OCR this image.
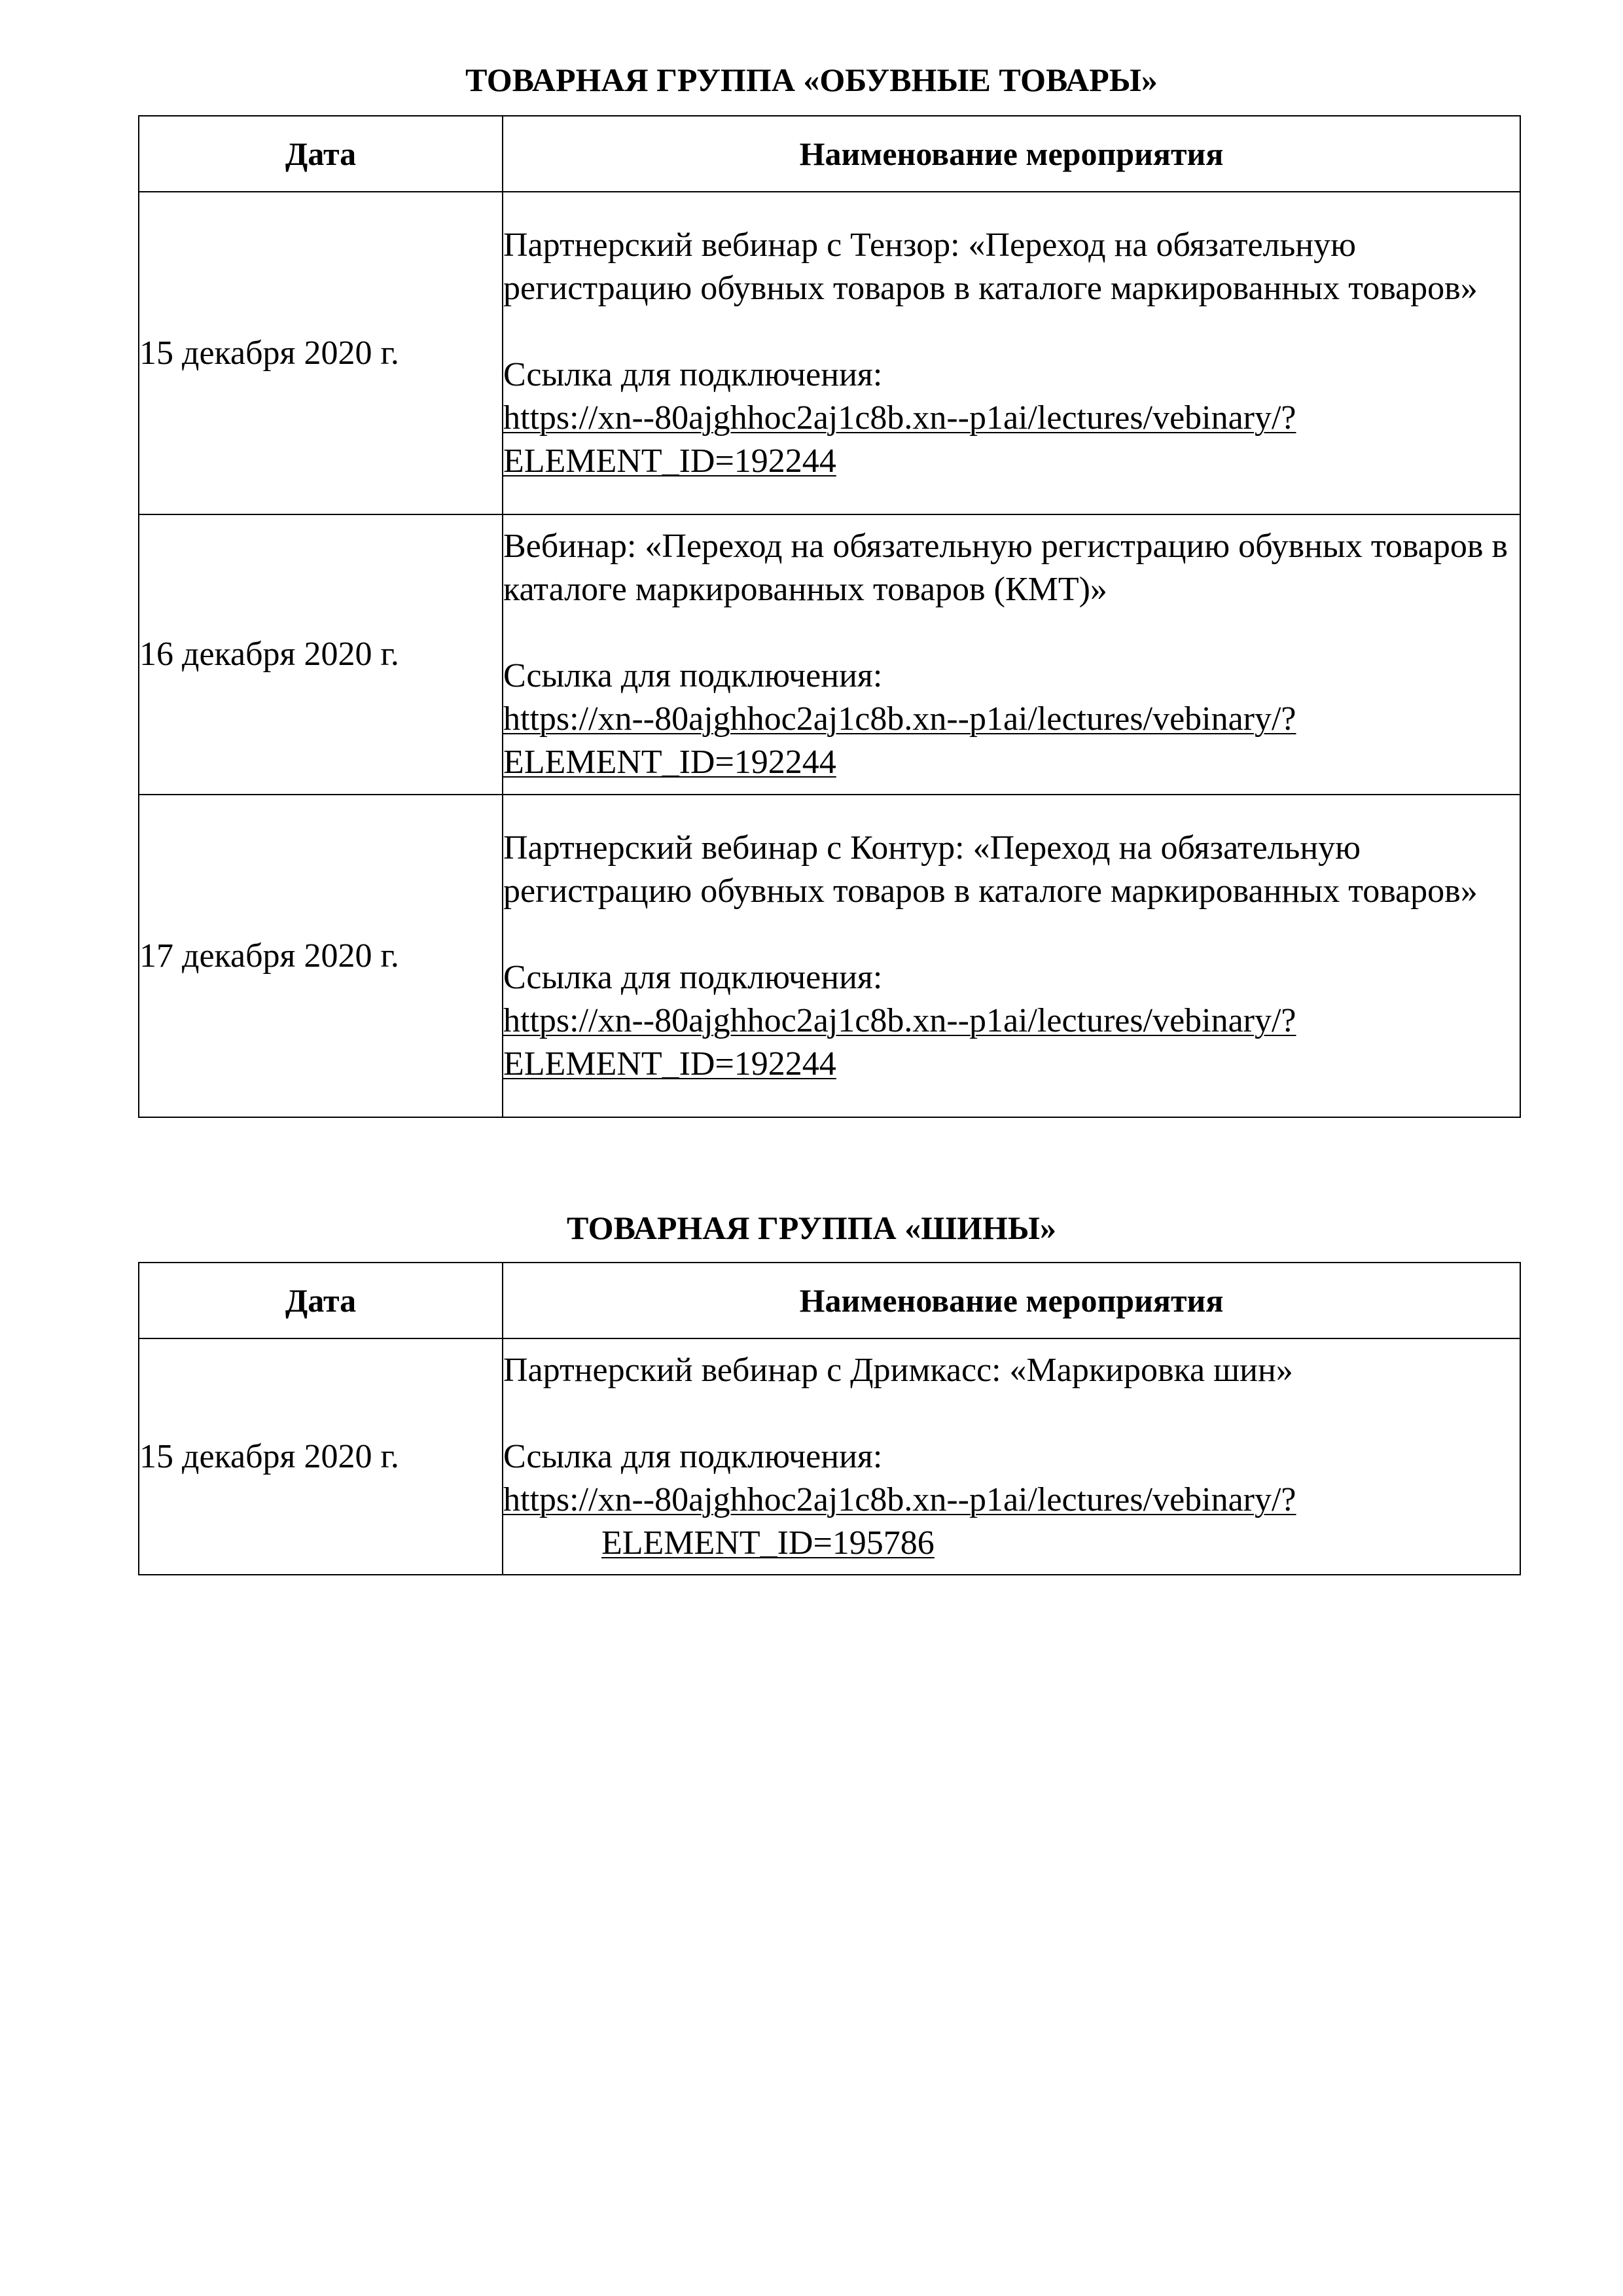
ТОВАРНАЯ ГРУППА «ОБУВНЫЕ ТОВАРЫ»
Дата	Наименование мероприятия
15 декабря 2020 г.	Партнерский вебинар с Тензор: «Переход на обязательную регистрацию обувных товаров в каталоге маркированных товаров»
Ссылка для подключения:
https://xn--80ajghhoc2aj1c8b.xn--p1ai/lectures/vebinary/?
ELEMENT_ID=192244

16 декабря 2020 г.	Вебинар: «Переход на обязательную регистрацию обувных товаров в каталоге маркированных товаров (КМТ)»
Ссылка для подключения:
https://xn--80ajghhoc2aj1c8b.xn--p1ai/lectures/vebinary/?
ELEMENT_ID=192244

17 декабря 2020 г.	Партнерский вебинар с Контур: «Переход на обязательную регистрацию обувных товаров в каталоге маркированных товаров»
Ссылка для подключения:
https://xn--80ajghhoc2aj1c8b.xn--p1ai/lectures/vebinary/?
ELEMENT_ID=192244
ТОВАРНАЯ ГРУППА «ШИНЫ»
Дата	Наименование мероприятия
15 декабря 2020 г.	Партнерский вебинар с Дримкасс: «Маркировка шин»
Ссылка для подключения:
https://xn--80ajghhoc2aj1c8b.xn--p1ai/lectures/vebinary/?
ELEMENT_ID=195786
